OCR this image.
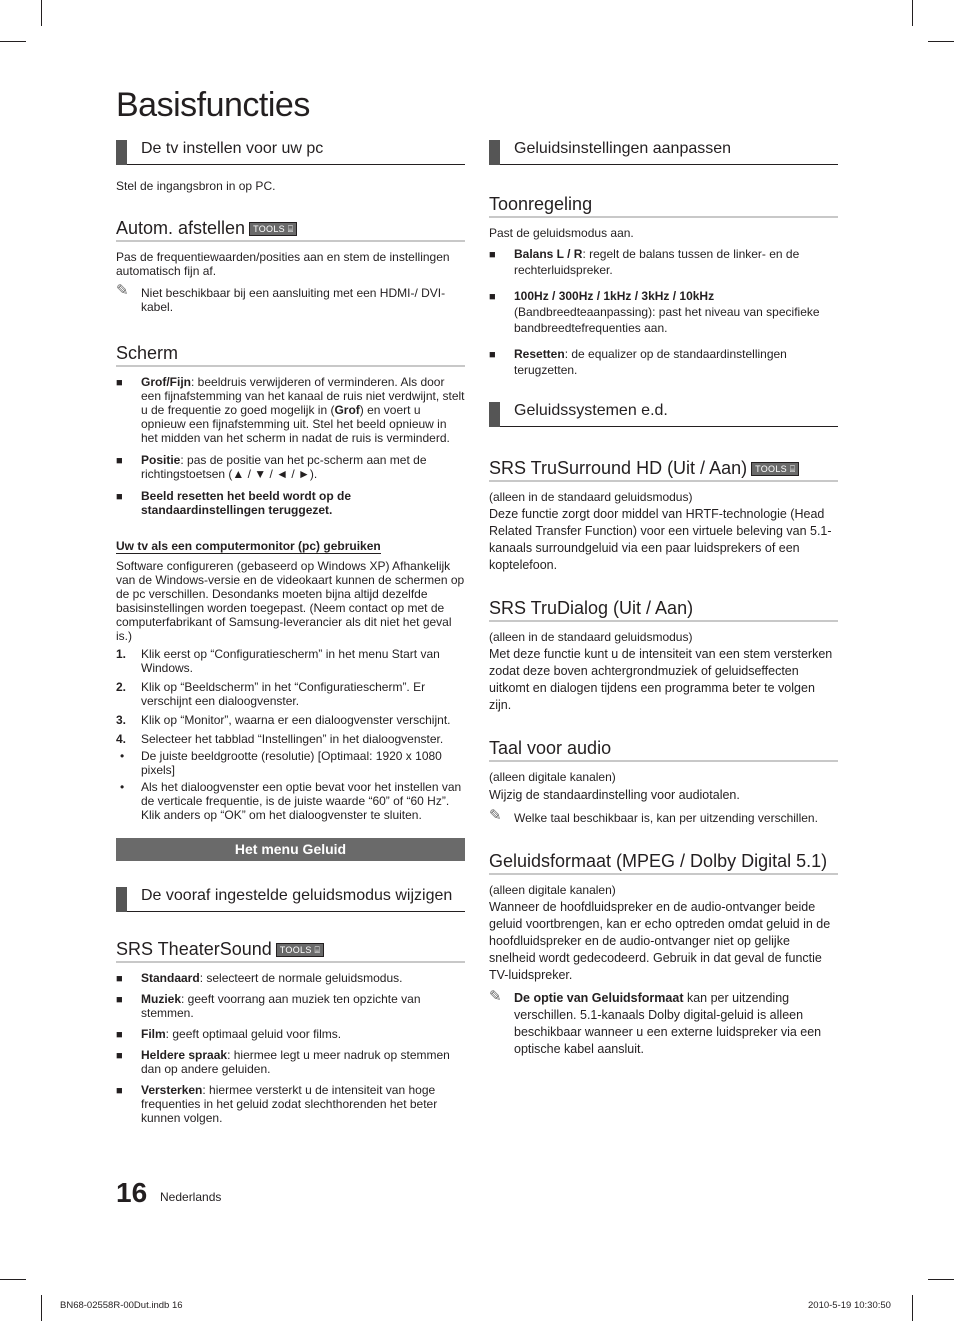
Basisfuncties
De tv instellen voor uw pc

Stel de ingangsbron in op PC.

Autom. afstellen TOOLS ⌸

Pas de frequentiewaarden/posities aan en stem de instellingen automatisch fijn af.

✎ Niet beschikbaar bij een aansluiting met een HDMI-/ DVI-kabel.
Scherm
■ Grof/Fijn: beeldruis verwijderen of verminderen. Als door een fijnafstemming van het kanaal de ruis niet verdwijnt, stelt u de frequentie zo goed mogelijk in (Grof) en voert u opnieuw een fijnafstemming uit. Stel het beeld opnieuw in het midden van het scherm in nadat de ruis is verminderd.
■ Positie: pas de positie van het pc-scherm aan met de richtingstoetsen (▲ / ▼ / ◄ / ►).
■ Beeld resetten het beeld wordt op de standaardinstellingen teruggezet.
Uw tv als een computermonitor (pc) gebruiken

Software configureren (gebaseerd op Windows XP) Afhankelijk van de Windows-versie en de videokaart kunnen de schermen op de pc verschillen. Desondanks moeten bijna altijd dezelfde basisinstellingen worden toegepast. (Neem contact op met de computerfabrikant of Samsung-leverancier als dit niet het geval is.)

1. Klik eerst op “Configuratiescherm” in het menu Start van Windows.
2. Klik op “Beeldscherm” in het “Configuratiescherm”. Er verschijnt een dialoogvenster.
3. Klik op “Monitor”, waarna er een dialoogvenster verschijnt.
4. Selecteer het tabblad “Instellingen” in het dialoogvenster.
• De juiste beeldgrootte (resolutie) [Optimaal: 1920 x 1080 pixels]
• Als het dialoogvenster een optie bevat voor het instellen van de verticale frequentie, is de juiste waarde “60” of “60 Hz”. Klik anders op “OK” om het dialoogvenster te sluiten.
Het menu Geluid
De vooraf ingestelde geluidsmodus wijzigen
SRS TheaterSound TOOLS ⌸
■ Standaard: selecteert de normale geluidsmodus.
■ Muziek: geeft voorrang aan muziek ten opzichte van stemmen.
■ Film: geeft optimaal geluid voor films.
■ Heldere spraak: hiermee legt u meer nadruk op stemmen dan op andere geluiden.
■ Versterken: hiermee versterkt u de intensiteit van hoge frequenties in het geluid zodat slechthorenden het beter kunnen volgen.
Geluidsinstellingen aanpassen
Toonregeling

Past de geluidsmodus aan.

■ Balans L / R: regelt de balans tussen de linker- en de rechterluidspreker.
■ 100Hz / 300Hz / 1kHz / 3kHz / 10kHz (Bandbreedteaanpassing): past het niveau van specifieke bandbreedtefrequenties aan.
■ Resetten: de equalizer op de standaardinstellingen terugzetten.
Geluidssystemen e.d.
SRS TruSurround HD (Uit / Aan) TOOLS ⌸

(alleen in de standaard geluidsmodus)

Deze functie zorgt door middel van HRTF-technologie (Head Related Transfer Function) voor een virtuele beleving van 5.1-kanaals surroundgeluid via een paar luidsprekers of een koptelefoon.

SRS TruDialog (Uit / Aan)

(alleen in de standaard geluidsmodus)

Met deze functie kunt u de intensiteit van een stem versterken zodat deze boven achtergrondmuziek of geluidseffecten uitkomt en dialogen tijdens een programma beter te volgen zijn.

Taal voor audio

(alleen digitale kanalen)

Wijzig de standaardinstelling voor audiotalen.

✎ Welke taal beschikbaar is, kan per uitzending verschillen.
Geluidsformaat (MPEG / Dolby Digital 5.1)

(alleen digitale kanalen)

Wanneer de hoofdluidspreker en de audio-ontvanger beide geluid voortbrengen, kan er echo optreden omdat geluid in de hoofdluidspreker en de audio-ontvanger niet op gelijke snelheid wordt gedecodeerd. Gebruik in dat geval de functie TV-luidspreker.

✎ De optie van Geluidsformaat kan per uitzending verschillen. 5.1-kanaals Dolby digital-geluid is alleen beschikbaar wanneer u een externe luidspreker via een optische kabel aansluit.
16 Nederlands
BN68-02558R-00Dut.indb 16	2010-5-19 10:30:50
